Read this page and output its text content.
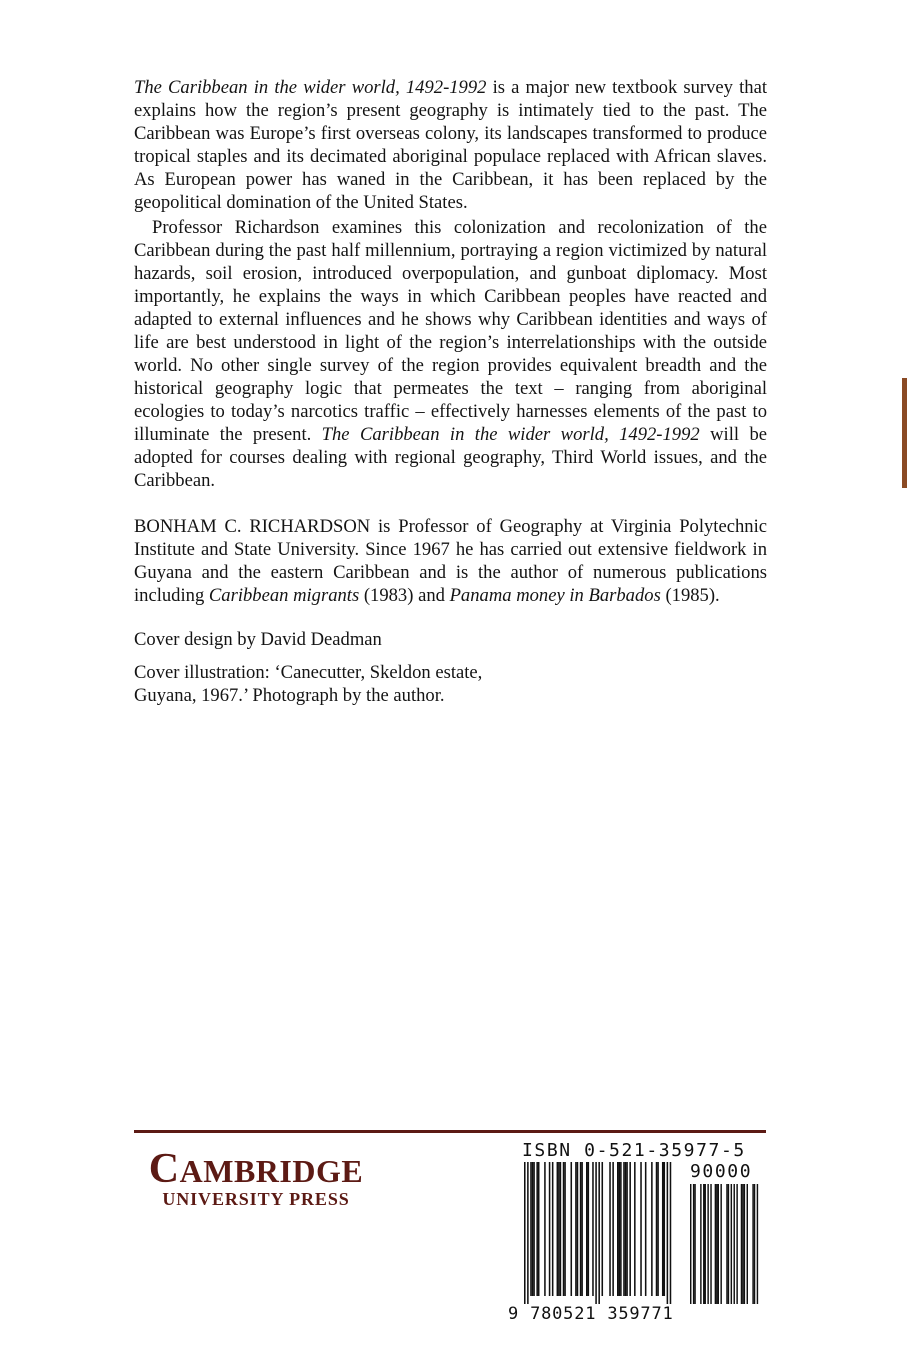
The Caribbean in the wider world, 1492-1992 is a major new textbook survey that explains how the region’s present geography is intimately tied to the past. The Caribbean was Europe’s first overseas colony, its landscapes transformed to produce tropical staples and its decimated aboriginal populace replaced with African slaves. As European power has waned in the Caribbean, it has been replaced by the geopolitical domination of the United States.

Professor Richardson examines this colonization and recolonization of the Caribbean during the past half millennium, portraying a region victimized by natural hazards, soil erosion, introduced overpopulation, and gunboat diplomacy. Most importantly, he explains the ways in which Caribbean peoples have reacted and adapted to external influences and he shows why Caribbean identities and ways of life are best understood in light of the region’s interrelationships with the outside world. No other single survey of the region provides equivalent breadth and the historical geography logic that permeates the text – ranging from aboriginal ecologies to today’s narcotics traffic – effectively harnesses elements of the past to illuminate the present. The Caribbean in the wider world, 1492-1992 will be adopted for courses dealing with regional geography, Third World issues, and the Caribbean.

BONHAM C. RICHARDSON is Professor of Geography at Virginia Polytechnic Institute and State University. Since 1967 he has carried out extensive fieldwork in Guyana and the eastern Caribbean and is the author of numerous publications including Caribbean migrants (1983) and Panama money in Barbados (1985).

Cover design by David Deadman

Cover illustration: ‘Canecutter, Skeldon estate,
Guyana, 1967.’ Photograph by the author.

CAMBRIDGE
UNIVERSITY PRESS
ISBN 0-521-35977-5
90000
9 780521 359771
